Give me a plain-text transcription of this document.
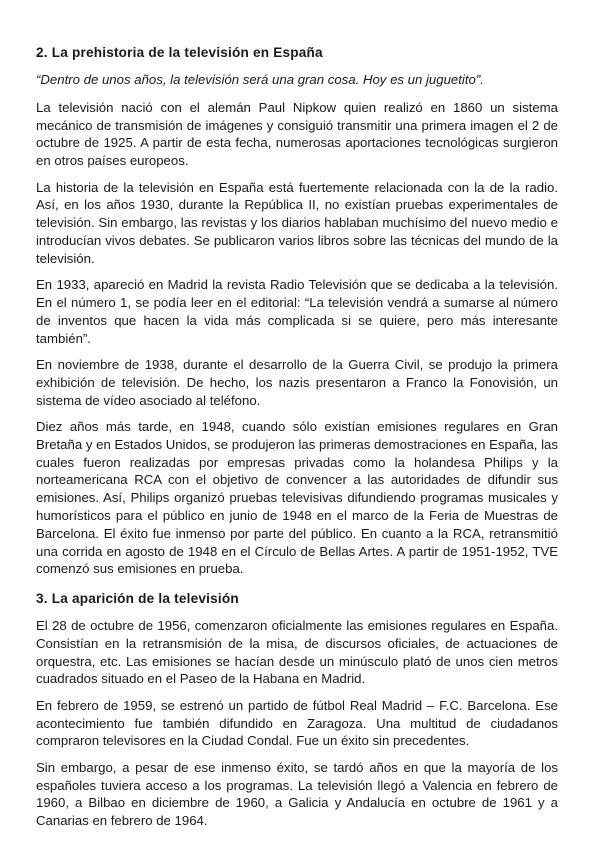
2. La prehistoria de la televisión en España

“Dentro de unos años, la televisión será una gran cosa. Hoy es un juguetito”.

La televisión nació con el alemán Paul Nipkow quien realizó en 1860 un sistema mecánico de transmisión de imágenes y consiguió transmitir una primera imagen el 2 de octubre de 1925. A partir de esta fecha, numerosas aportaciones tecnológicas surgieron en otros países europeos.

La historia de la televisión en España está fuertemente relacionada con la de la radio. Así, en los años 1930, durante la República II, no existían pruebas experimentales de televisión. Sin embargo, las revistas y los diarios hablaban muchísimo del nuevo medio e introducían vivos debates. Se publicaron varios libros sobre las técnicas del mundo de la televisión.

En 1933, apareció en Madrid la revista Radio Televisión que se dedicaba a la televisión. En el número 1, se podía leer en el editorial: “La televisión vendrá a sumarse al número de inventos que hacen la vida más complicada si se quiere, pero más interesante también”.

En noviembre de 1938, durante el desarrollo de la Guerra Civil, se produjo la primera exhibición de televisión. De hecho, los nazis presentaron a Franco la Fonovisión, un sistema de vídeo asociado al teléfono.

Diez años más tarde, en 1948, cuando sólo existían emisiones regulares en Gran Bretaña y en Estados Unidos, se produjeron las primeras demostraciones en España, las cuales fueron realizadas por empresas privadas como la holandesa Philips y la norteamericana RCA con el objetivo de convencer a las autoridades de difundir sus emisiones. Así, Philips organizó pruebas televisivas difundiendo programas musicales y humorísticos para el público en junio de 1948 en el marco de la Feria de Muestras de Barcelona. El éxito fue inmenso por parte del público. En cuanto a la RCA, retransmitió una corrida en agosto de 1948 en el Círculo de Bellas Artes. A partir de 1951-1952, TVE comenzó sus emisiones en prueba.

3. La aparición de la televisión

El 28 de octubre de 1956, comenzaron oficialmente las emisiones regulares en España. Consistían en la retransmisión de la misa, de discursos oficiales, de actuaciones de orquestra, etc. Las emisiones se hacían desde un minúsculo plató de unos cien metros cuadrados situado en el Paseo de la Habana en Madrid.

En febrero de 1959, se estrenó un partido de fútbol Real Madrid – F.C. Barcelona. Ese acontecimiento fue también difundido en Zaragoza. Una multitud de ciudadanos compraron televisores en la Ciudad Condal. Fue un éxito sin precedentes.

Sin embargo, a pesar de ese inmenso éxito, se tardó años en que la mayoría de los españoles tuviera acceso a los programas. La televisión llegó a Valencia en febrero de 1960, a Bilbao en diciembre de 1960, a Galicia y Andalucía en octubre de 1961 y a Canarias en febrero de 1964.
